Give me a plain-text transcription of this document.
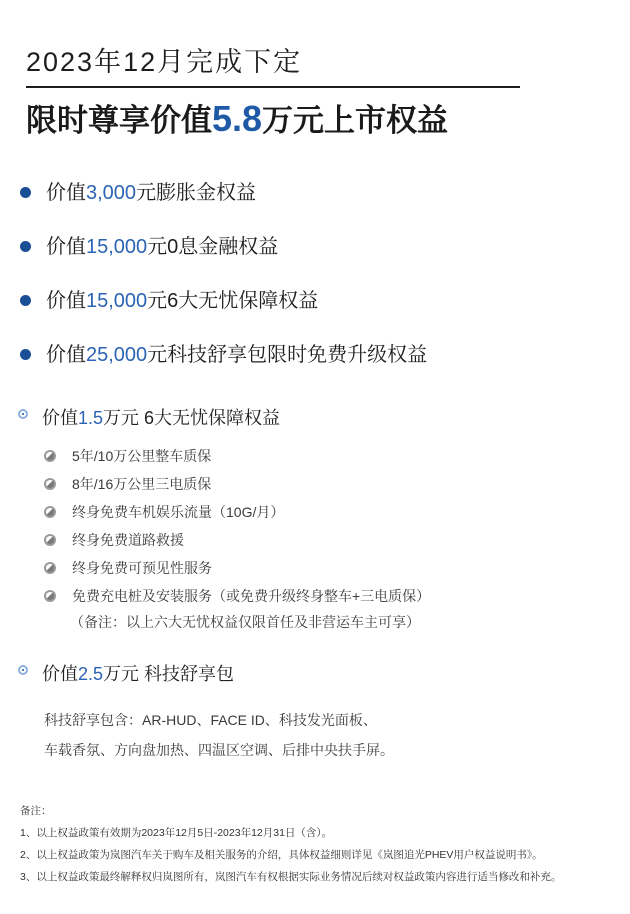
2023年12月完成下定
限时尊享价值5.8万元上市权益
价值3,000元膨胀金权益
价值15,000元0息金融权益
价值15,000元6大无忧保障权益
价值25,000元科技舒享包限时免费升级权益
价值1.5万元 6大无忧保障权益
5年/10万公里整车质保
8年/16万公里三电质保
终身免费车机娱乐流量（10G/月）
终身免费道路救援
终身免费可预见性服务
免费充电桩及安装服务（或免费升级终身整车+三电质保）
（备注：以上六大无忧权益仅限首任及非营运车主可享）
价值2.5万元 科技舒享包
科技舒享包含：AR-HUD、FACE ID、科技发光面板、
车载香氛、方向盘加热、四温区空调、后排中央扶手屏。
备注：
1、以上权益政策有效期为2023年12月5日-2023年12月31日（含）。
2、以上权益政策为岚图汽车关于购车及相关服务的介绍，具体权益细则详见《岚图追光PHEV用户权益说明书》。
3、以上权益政策最终解释权归岚图所有，岚图汽车有权根据实际业务情况后续对权益政策内容进行适当修改和补充。
